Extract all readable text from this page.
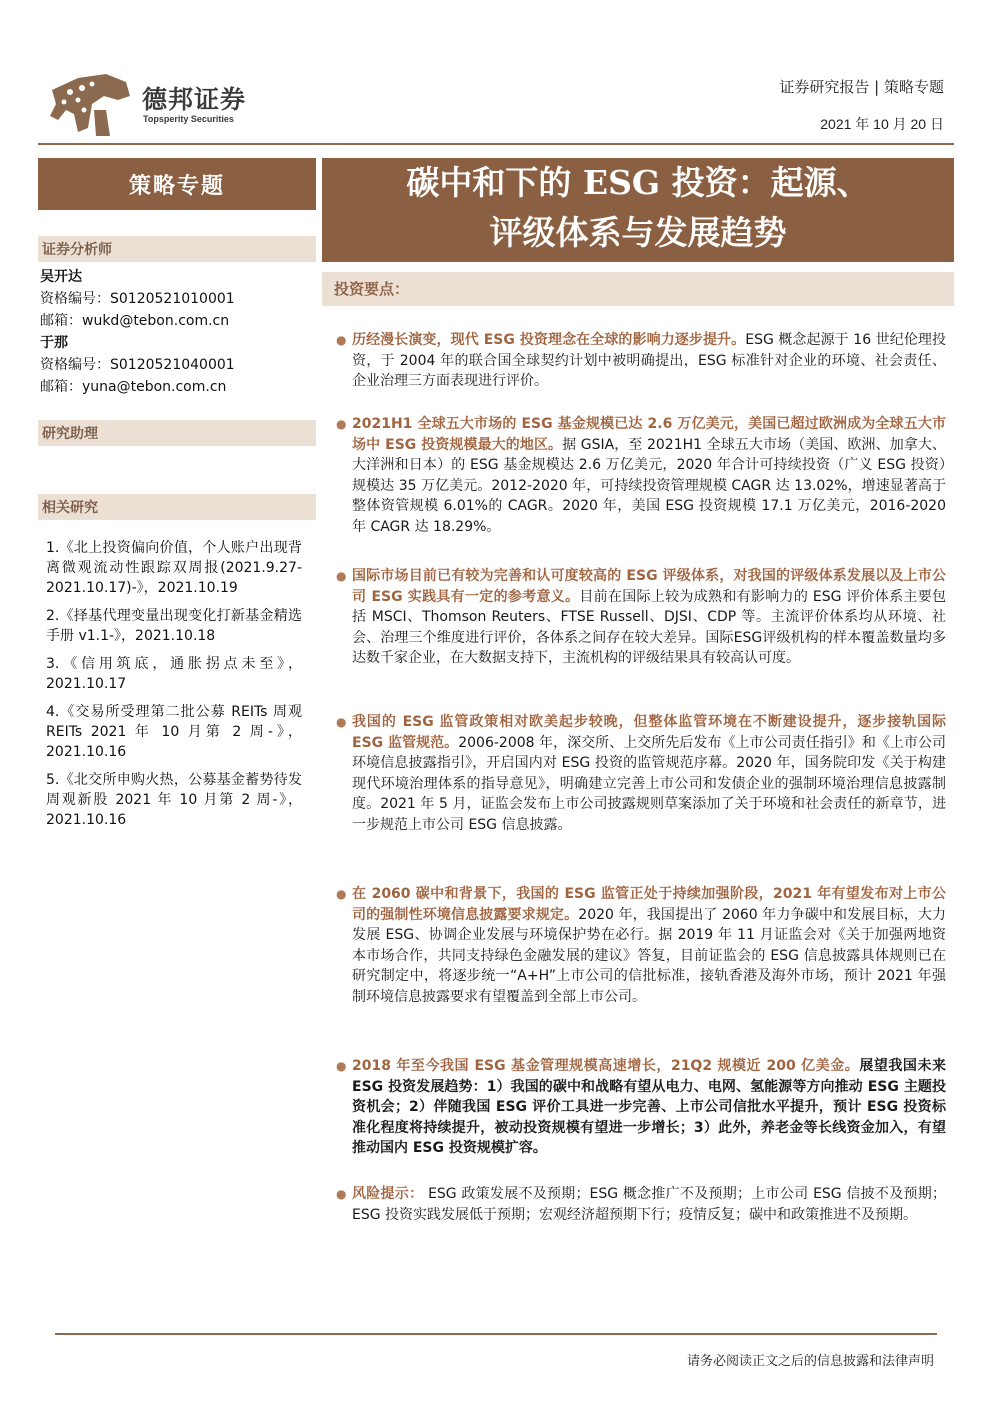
德邦证券
Topsperity Securities
证券研究报告 | 策略专题
2021 年 10 月 20 日
策略专题	碳中和下的 ESG 投资：起源、
评级体系与发展趋势
证券分析师
吴开达
资格编号：S0120521010001
邮箱：wukd@tebon.com.cn
于那
资格编号：S0120521040001
邮箱：yuna@tebon.com.cn
研究助理
相关研究
1.《北上投资偏向价值，个人账户出现背离微观流动性跟踪双周报(2021.9.27-2021.10.17)-》，2021.10.19
2.《择基代理变量出现变化打新基金精选手册 v1.1-》，2021.10.18
3.《信用筑底，通胀拐点未至》，2021.10.17
4.《交易所受理第二批公募 REITs 周观 REITs 2021 年 10 月第 2 周-》，2021.10.16
5.《北交所申购火热，公募基金蓄势待发周观新股 2021 年 10 月第 2 周-》，2021.10.16
投资要点：
● 历经漫长演变，现代 ESG 投资理念在全球的影响力逐步提升。ESG 概念起源于 16 世纪伦理投资，于 2004 年的联合国全球契约计划中被明确提出，ESG 标准针对企业的环境、社会责任、企业治理三方面表现进行评价。
● 2021H1 全球五大市场的 ESG 基金规模已达 2.6 万亿美元，美国已超过欧洲成为全球五大市场中 ESG 投资规模最大的地区。据 GSIA，至 2021H1 全球五大市场（美国、欧洲、加拿大、大洋洲和日本）的 ESG 基金规模达 2.6 万亿美元，2020 年合计可持续投资（广义 ESG 投资）规模达 35 万亿美元。2012-2020 年，可持续投资管理规模 CAGR 达 13.02%，增速显著高于整体资管规模 6.01%的 CAGR。2020 年，美国 ESG 投资规模 17.1 万亿美元，2016-2020 年 CAGR 达 18.29%。
● 国际市场目前已有较为完善和认可度较高的 ESG 评级体系，对我国的评级体系发展以及上市公司 ESG 实践具有一定的参考意义。目前在国际上较为成熟和有影响力的 ESG 评价体系主要包括 MSCI、Thomson Reuters、FTSE Russell、DJSI、CDP 等。主流评价体系均从环境、社会、治理三个维度进行评价，各体系之间存在较大差异。国际ESG评级机构的样本覆盖数量均多达数千家企业，在大数据支持下，主流机构的评级结果具有较高认可度。
● 我国的 ESG 监管政策相对欧美起步较晚，但整体监管环境在不断建设提升，逐步接轨国际 ESG 监管规范。2006-2008 年，深交所、上交所先后发布《上市公司责任指引》和《上市公司环境信息披露指引》，开启国内对 ESG 投资的监管规范序幕。2020 年，国务院印发《关于构建现代环境治理体系的指导意见》，明确建立完善上市公司和发债企业的强制环境治理信息披露制度。2021 年 5 月，证监会发布上市公司披露规则草案添加了关于环境和社会责任的新章节，进一步规范上市公司 ESG 信息披露。
● 在 2060 碳中和背景下，我国的 ESG 监管正处于持续加强阶段，2021 年有望发布对上市公司的强制性环境信息披露要求规定。2020 年，我国提出了 2060 年力争碳中和发展目标，大力发展 ESG、协调企业发展与环境保护势在必行。据 2019 年 11 月证监会对《关于加强两地资本市场合作，共同支持绿色金融发展的建议》答复，目前证监会的 ESG 信息披露具体规则已在研究制定中，将逐步统一“A+H”上市公司的信批标准，接轨香港及海外市场，预计 2021 年强制环境信息披露要求有望覆盖到全部上市公司。
● 2018 年至今我国 ESG 基金管理规模高速增长，21Q2 规模近 200 亿美金。展望我国未来 ESG 投资发展趋势：1）我国的碳中和战略有望从电力、电网、氢能源等方向推动 ESG 主题投资机会；2）伴随我国 ESG 评价工具进一步完善、上市公司信批水平提升，预计 ESG 投资标准化程度将持续提升，被动投资规模有望进一步增长；3）此外，养老金等长线资金加入，有望推动国内 ESG 投资规模扩容。
● 风险提示： ESG 政策发展不及预期；ESG 概念推广不及预期；上市公司 ESG 信披不及预期；ESG 投资实践发展低于预期；宏观经济超预期下行；疫情反复；碳中和政策推进不及预期。
请务必阅读正文之后的信息披露和法律声明
